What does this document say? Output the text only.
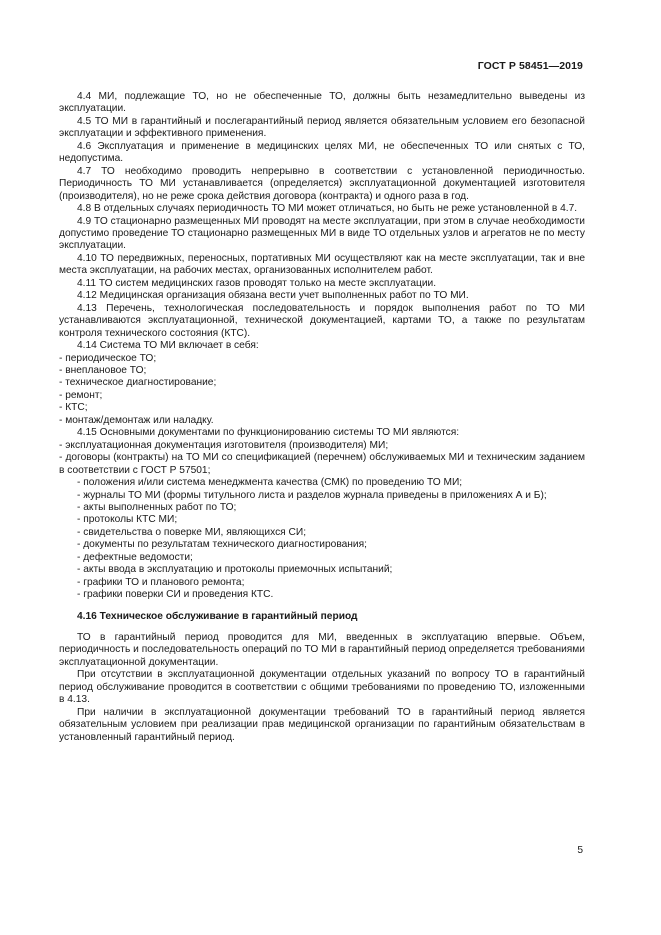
ГОСТ Р 58451—2019

4.4 МИ, подлежащие ТО, но не обеспеченные ТО, должны быть незамедлительно выведены из эксплуатации.

4.5 ТО МИ в гарантийный и послегарантийный период является обязательным условием его безопасной эксплуатации и эффективного применения.

4.6 Эксплуатация и применение в медицинских целях МИ, не обеспеченных ТО или снятых с ТО, недопустима.

4.7 ТО необходимо проводить непрерывно в соответствии с установленной периодичностью. Периодичность ТО МИ устанавливается (определяется) эксплуатационной документацией изготовителя (производителя), но не реже срока действия договора (контракта) и одного раза в год.

4.8 В отдельных случаях периодичность ТО МИ может отличаться, но быть не реже установленной в 4.7.

4.9 ТО стационарно размещенных МИ проводят на месте эксплуатации, при этом в случае необходимости допустимо проведение ТО стационарно размещенных МИ в виде ТО отдельных узлов и агрегатов не по месту эксплуатации.

4.10 ТО передвижных, переносных, портативных МИ осуществляют как на месте эксплуатации, так и вне места эксплуатации, на рабочих местах, организованных исполнителем работ.

4.11 ТО систем медицинских газов проводят только на месте эксплуатации.

4.12 Медицинская организация обязана вести учет выполненных работ по ТО МИ.

4.13 Перечень, технологическая последовательность и порядок выполнения работ по ТО МИ устанавливаются эксплуатационной, технической документацией, картами ТО, а также по результатам контроля технического состояния (КТС).

4.14 Система ТО МИ включает в себя:

- периодическое ТО;

- внеплановое ТО;

- техническое диагностирование;

- ремонт;

- КТС;

- монтаж/демонтаж или наладку.

4.15 Основными документами по функционированию системы ТО МИ являются:

- эксплуатационная документация изготовителя (производителя) МИ;

- договоры (контракты) на ТО МИ со спецификацией (перечнем) обслуживаемых МИ и техническим заданием в соответствии с ГОСТ Р 57501;

- положения и/или система менеджмента качества (СМК) по проведению ТО МИ;

- журналы ТО МИ (формы титульного листа и разделов журнала приведены в приложениях А и Б);

- акты выполненных работ по ТО;

- протоколы КТС МИ;

- свидетельства о поверке МИ, являющихся СИ;

- документы по результатам технического диагностирования;

- дефектные ведомости;

- акты ввода в эксплуатацию и протоколы приемочных испытаний;

- графики ТО и планового ремонта;

- графики поверки СИ и проведения КТС.

4.16 Техническое обслуживание в гарантийный период

ТО в гарантийный период проводится для МИ, введенных в эксплуатацию впервые. Объем, периодичность и последовательность операций по ТО МИ в гарантийный период определяется требованиями эксплуатационной документации.

При отсутствии в эксплуатационной документации отдельных указаний по вопросу ТО в гарантийный период обслуживание проводится в соответствии с общими требованиями по проведению ТО, изложенными в 4.13.

При наличии в эксплуатационной документации требований ТО в гарантийный период является обязательным условием при реализации прав медицинской организации по гарантийным обязательствам в установленный гарантийный период.

5
